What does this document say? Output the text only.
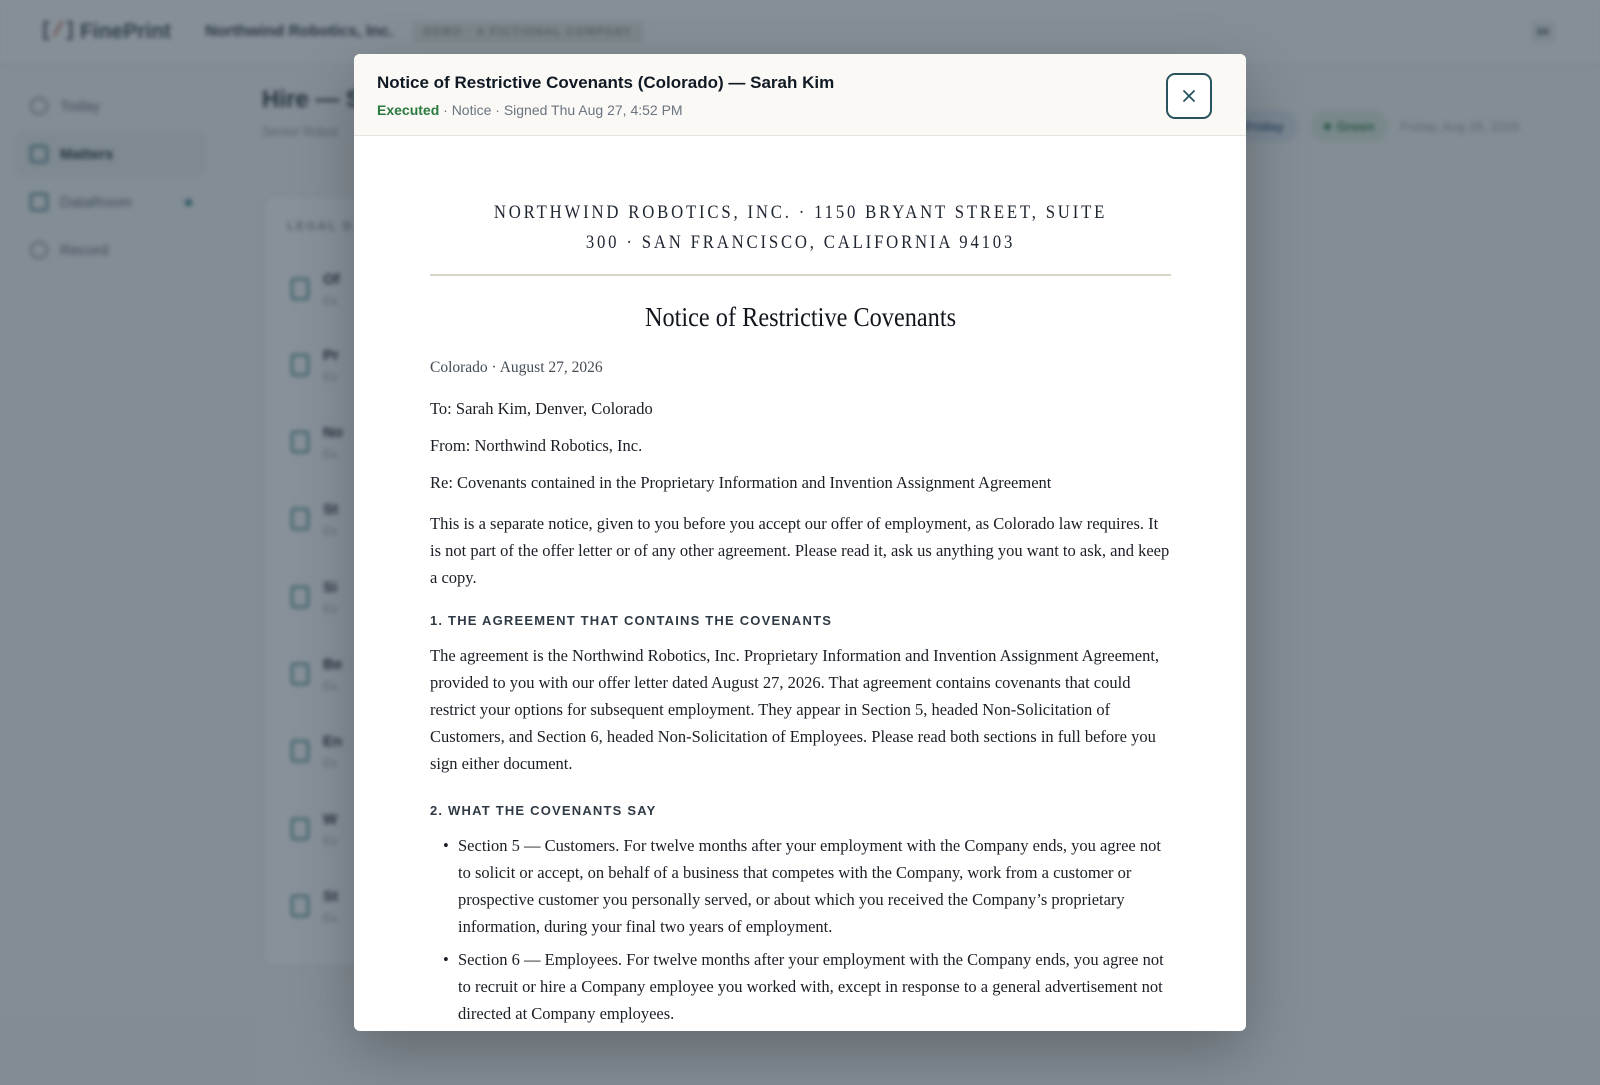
Notice of Restrictive Covenants (Colorado) — Sarah Kim
Executed · Notice · Signed Thu Aug 27, 4:52 PM
NORTHWIND ROBOTICS, INC. · 1150 BRYANT STREET, SUITE 300 · SAN FRANCISCO, CALIFORNIA 94103
Notice of Restrictive Covenants
Colorado · August 27, 2026
To: Sarah Kim, Denver, Colorado
From: Northwind Robotics, Inc.
Re: Covenants contained in the Proprietary Information and Invention Assignment Agreement
This is a separate notice, given to you before you accept our offer of employment, as Colorado law requires. It is not part of the offer letter or of any other agreement. Please read it, ask us anything you want to ask, and keep a copy.
1. THE AGREEMENT THAT CONTAINS THE COVENANTS
The agreement is the Northwind Robotics, Inc. Proprietary Information and Invention Assignment Agreement, provided to you with our offer letter dated August 27, 2026. That agreement contains covenants that could restrict your options for subsequent employment. They appear in Section 5, headed Non-Solicitation of Customers, and Section 6, headed Non-Solicitation of Employees. Please read both sections in full before you sign either document.
2. WHAT THE COVENANTS SAY
• Section 5 — Customers. For twelve months after your employment with the Company ends, you agree not to solicit or accept, on behalf of a business that competes with the Company, work from a customer or prospective customer you personally served, or about which you received the Company’s proprietary information, during your final two years of employment.
• Section 6 — Employees. For twelve months after your employment with the Company ends, you agree not to recruit or hire a Company employee you worked with, except in response to a general advertisement not directed at Company employees.
